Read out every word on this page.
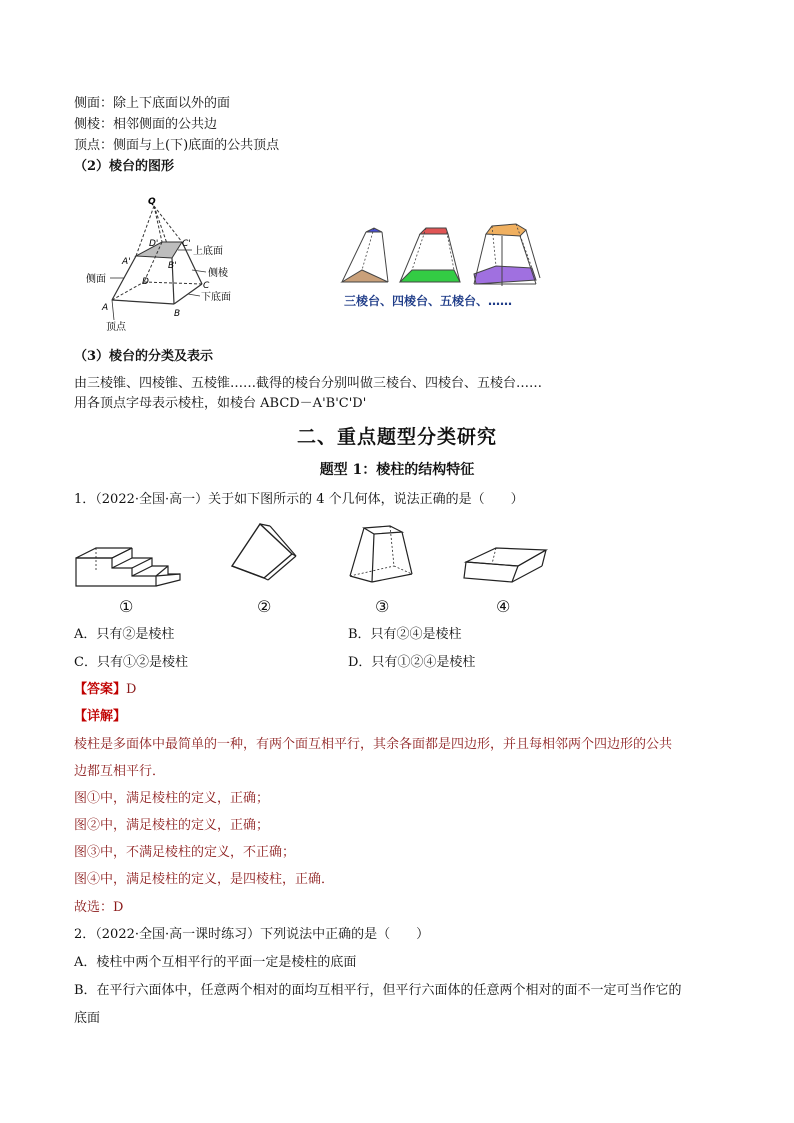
侧面：除上下底面以外的面
侧棱：相邻侧面的公共边
顶点：侧面与上(下)底面的公共顶点
（2）棱台的图形
Q
D'	C'
A'	B'
D	C
A
B
上底面
侧面
侧棱
下底面
顶点
三棱台、四棱台、五棱台、……
（3）棱台的分类及表示
由三棱锥、四棱锥、五棱锥……截得的棱台分别叫做三棱台、四棱台、五棱台……
用各顶点字母表示棱柱，如棱台 ABCD－A'B'C'D'
二、重点题型分类研究
题型 1：棱柱的结构特征
1．（2022·全国·高一）关于如下图所示的 4 个几何体，说法正确的是（　　）
①	②	③	④
A．只有②是棱柱	B．只有②④是棱柱
C．只有①②是棱柱	D．只有①②④是棱柱
【答案】D
【详解】
棱柱是多面体中最简单的一种，有两个面互相平行，其余各面都是四边形，并且每相邻两个四边形的公共
边都互相平行．
图①中，满足棱柱的定义，正确；
图②中，满足棱柱的定义，正确；
图③中，不满足棱柱的定义，不正确；
图④中，满足棱柱的定义，是四棱柱，正确．
故选：D
2．（2022·全国·高一课时练习）下列说法中正确的是（　　）
A．棱柱中两个互相平行的平面一定是棱柱的底面
B．在平行六面体中，任意两个相对的面均互相平行，但平行六面体的任意两个相对的面不一定可当作它的
底面
